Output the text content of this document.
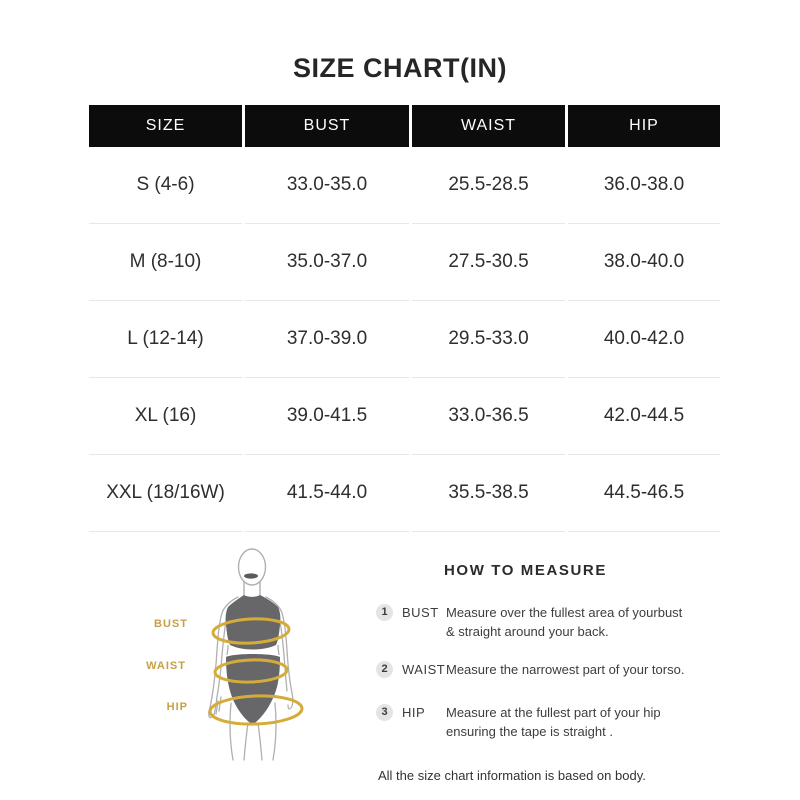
SIZE CHART(IN)
SIZE	BUST	WAIST	HIP
S (4-6)	33.0-35.0	25.5-28.5	36.0-38.0
M (8-10)	35.0-37.0	27.5-30.5	38.0-40.0
L (12-14)	37.0-39.0	29.5-33.0	40.0-42.0
XL (16)	39.0-41.5	33.0-36.5	42.0-44.5
XXL (18/16W)	41.5-44.0	35.5-38.5	44.5-46.5
BUST
WAIST
HIP
HOW TO MEASURE
1	BUST Measure over the fullest area of yourbust
& straight around your back.
2	WAIST Measure the narrowest part of your torso.
3	HIP	Measure at the fullest part of your hip
ensuring the tape is straight .
All the size chart information is based on body.
